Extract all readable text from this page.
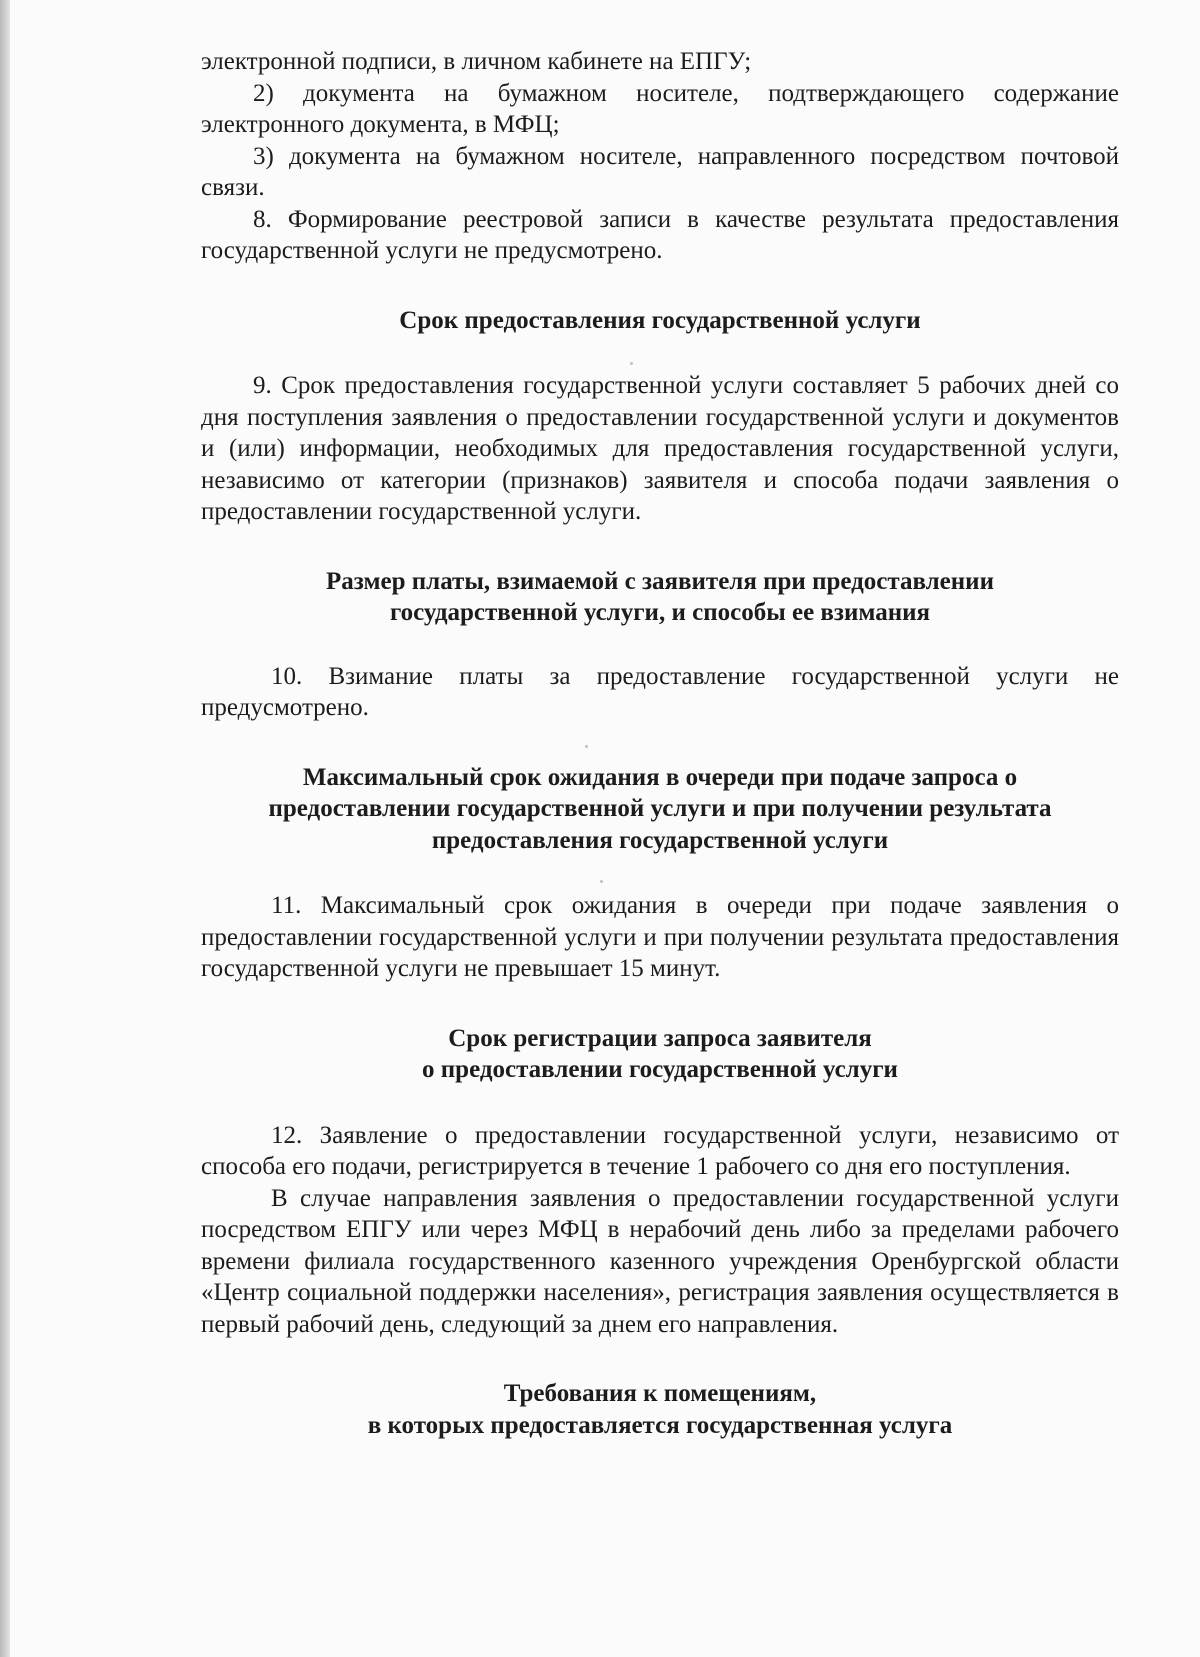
электронной подписи, в личном кабинете на ЕПГУ;

2) документа на бумажном носителе, подтверждающего содержание электронного документа, в МФЦ;

3) документа на бумажном носителе, направленного посредством почтовой связи.

8. Формирование реестровой записи в качестве результата предоставления государственной услуги не предусмотрено.

Срок предоставления государственной услуги

9. Срок предоставления государственной услуги составляет 5 рабочих дней со дня поступления заявления о предоставлении государственной услуги и документов и (или) информации, необходимых для предоставления государственной услуги, независимо от категории (признаков) заявителя и способа подачи заявления о предоставлении государственной услуги.

Размер платы, взимаемой с заявителя при предоставлении
государственной услуги, и способы ее взимания

10. Взимание платы за предоставление государственной услуги не предусмотрено.

Максимальный срок ожидания в очереди при подаче запроса о
предоставлении государственной услуги и при получении результата
предоставления государственной услуги

11. Максимальный срок ожидания в очереди при подаче заявления о предоставлении государственной услуги и при получении результата предоставления государственной услуги не превышает 15 минут.

Срок регистрации запроса заявителя
о предоставлении государственной услуги

12. Заявление о предоставлении государственной услуги, независимо от способа его подачи, регистрируется в течение 1 рабочего со дня его поступления.

В случае направления заявления о предоставлении государственной услуги посредством ЕПГУ или через МФЦ в нерабочий день либо за пределами рабочего времени филиала государственного казенного учреждения Оренбургской области «Центр социальной поддержки населения», регистрация заявления осуществляется в первый рабочий день, следующий за днем его направления.

Требования к помещениям,
в которых предоставляется государственная услуга
